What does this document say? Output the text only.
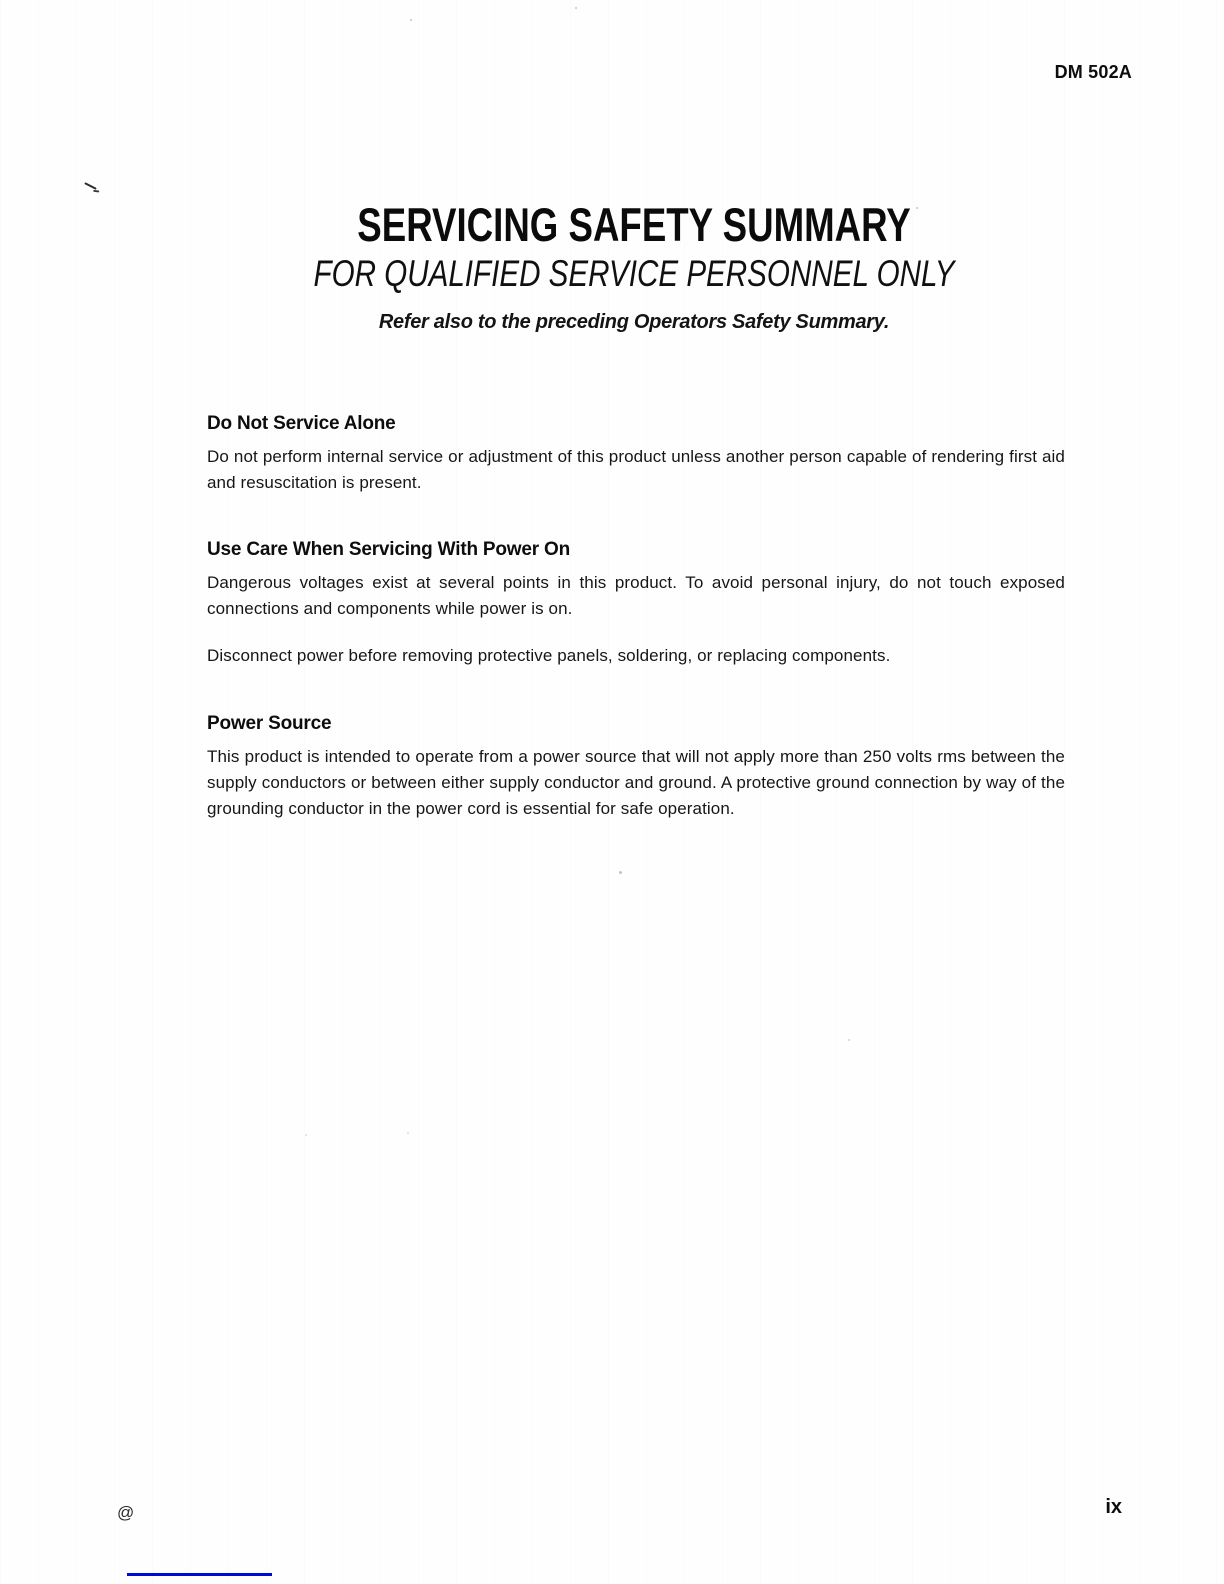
DM 502A
SERVICING SAFETY SUMMARY
FOR QUALIFIED SERVICE PERSONNEL ONLY
Refer also to the preceding Operators Safety Summary.
Do Not Service Alone

Do not perform internal service or adjustment of this product unless another person capable of rendering first aid and resuscitation is present.

Use Care When Servicing With Power On

Dangerous voltages exist at several points in this product. To avoid personal injury, do not touch exposed connections and components while power is on.

Disconnect power before removing protective panels, soldering, or replacing components.

Power Source

This product is intended to operate from a power source that will not apply more than 250 volts rms between the supply conductors or between either supply conductor and ground. A protective ground connection by way of the grounding conductor in the power cord is essential for safe operation.

@	ix
